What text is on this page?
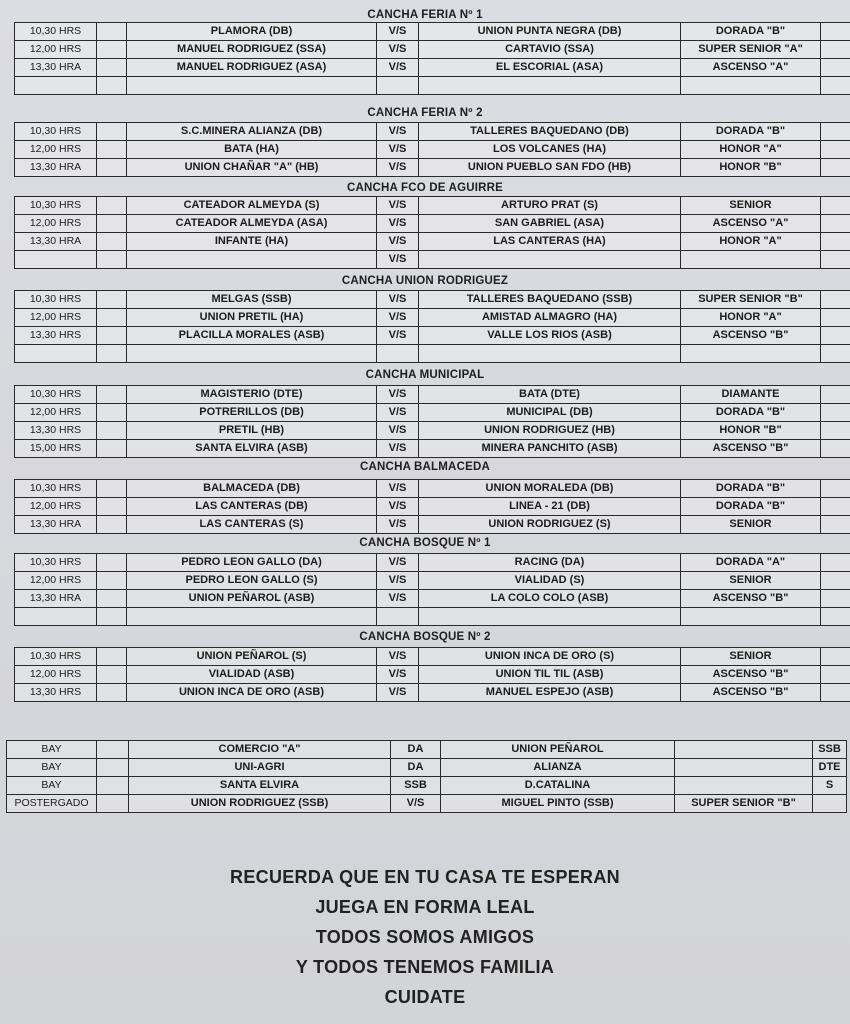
CANCHA FERIA Nº 1
10,30 HRS		PLAMORA (DB)	V/S	UNION PUNTA NEGRA (DB)	DORADA "B"	
12,00 HRS		MANUEL RODRIGUEZ (SSA)	V/S	CARTAVIO (SSA)	SUPER SENIOR "A"	
13,30 HRA		MANUEL RODRIGUEZ (ASA)	V/S	EL ESCORIAL (ASA)	ASCENSO "A"	

CANCHA FERIA Nº 2
10,30 HRS		S.C.MINERA ALIANZA (DB)	V/S	TALLERES BAQUEDANO (DB)	DORADA "B"	
12,00 HRS		BATA (HA)	V/S	LOS VOLCANES (HA)	HONOR "A"	
13,30 HRA		UNION CHAÑAR "A" (HB)	V/S	UNION PUEBLO SAN FDO (HB)	HONOR "B"	
CANCHA FCO DE AGUIRRE
10,30 HRS		CATEADOR ALMEYDA (S)	V/S	ARTURO PRAT (S)	SENIOR	
12,00 HRS		CATEADOR ALMEYDA (ASA)	V/S	SAN GABRIEL (ASA)	ASCENSO "A"	
13,30 HRA		INFANTE (HA)	V/S	LAS CANTERAS (HA)	HONOR "A"	
			V/S			
CANCHA UNION RODRIGUEZ
10,30 HRS		MELGAS (SSB)	V/S	TALLERES BAQUEDANO (SSB)	SUPER SENIOR "B"	
12,00 HRS		UNION PRETIL (HA)	V/S	AMISTAD ALMAGRO (HA)	HONOR "A"	
13,30 HRS		PLACILLA MORALES (ASB)	V/S	VALLE LOS RIOS (ASB)	ASCENSO "B"	

CANCHA MUNICIPAL
10,30 HRS		MAGISTERIO (DTE)	V/S	BATA (DTE)	DIAMANTE	
12,00 HRS		POTRERILLOS (DB)	V/S	MUNICIPAL (DB)	DORADA "B"	
13,30 HRS		PRETIL (HB)	V/S	UNION RODRIGUEZ (HB)	HONOR "B"	
15,00 HRS		SANTA ELVIRA (ASB)	V/S	MINERA PANCHITO (ASB)	ASCENSO "B"	
CANCHA BALMACEDA
10,30 HRS		BALMACEDA (DB)	V/S	UNION MORALEDA (DB)	DORADA "B"	
12,00 HRS		LAS CANTERAS (DB)	V/S	LINEA - 21 (DB)	DORADA "B"	
13,30 HRA		LAS CANTERAS (S)	V/S	UNION RODRIGUEZ (S)	SENIOR	
CANCHA BOSQUE Nº 1
10,30 HRS		PEDRO LEON GALLO (DA)	V/S	RACING (DA)	DORADA "A"	
12,00 HRS		PEDRO LEON GALLO (S)	V/S	VIALIDAD (S)	SENIOR	
13,30 HRA		UNION PEÑAROL (ASB)	V/S	LA COLO COLO (ASB)	ASCENSO "B"	

CANCHA BOSQUE Nº 2
10,30 HRS		UNION PEÑAROL (S)	V/S	UNION INCA DE ORO (S)	SENIOR	
12,00 HRS		VIALIDAD (ASB)	V/S	UNION TIL TIL (ASB)	ASCENSO "B"	
13,30 HRS		UNION INCA DE ORO (ASB)	V/S	MANUEL ESPEJO (ASB)	ASCENSO "B"	
BAY		COMERCIO "A"	DA	UNION PEÑAROL		SSB
BAY		UNI-AGRI	DA	ALIANZA		DTE
BAY		SANTA ELVIRA	SSB	D.CATALINA		S
POSTERGADO		UNION RODRIGUEZ (SSB)	V/S	MIGUEL PINTO (SSB)	SUPER SENIOR "B"	
RECUERDA QUE EN TU CASA TE ESPERAN
JUEGA EN FORMA LEAL
TODOS SOMOS AMIGOS
Y TODOS TENEMOS FAMILIA
CUIDATE
